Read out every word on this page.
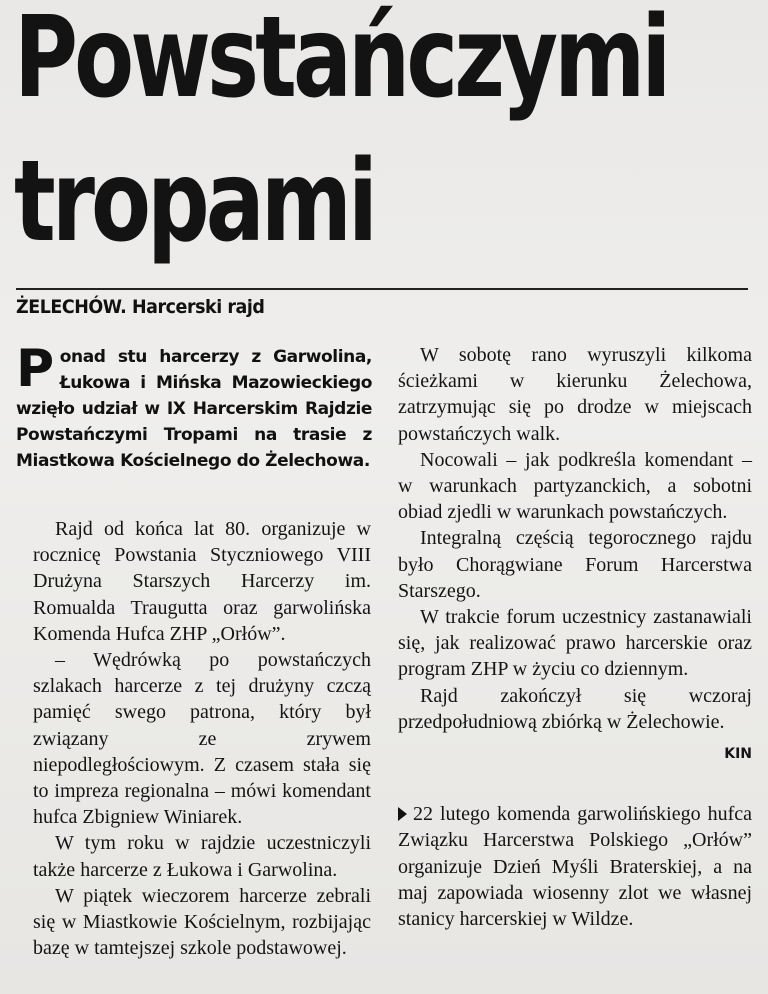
Powstańczymi
tropami
ŻELECHÓW. Harcerski rajd
Ponad stu harcerzy z Garwolina, Łukowa i Mińska Mazowieckiego wzięło udział w IX Harcerskim Rajdzie Powstańczymi Tropami na trasie z Miastkowa Kościelnego do Żelechowa.

Rajd od końca lat 80. organizuje w rocznicę Powstania Styczniowego VIII Drużyna Starszych Harcerzy im. Romualda Traugutta oraz garwolińska Komenda Hufca ZHP „Orłów”.

– Wędrówką po powstańczych szlakach harcerze z tej drużyny czczą pamięć swego patrona, który był związany ze zrywem niepodległościowym. Z czasem stała się to impreza regionalna – mówi komendant hufca Zbigniew Winiarek.

W tym roku w rajdzie uczestniczyli także harcerze z Łukowa i Garwolina.

W piątek wieczorem harcerze zebrali się w Miastkowie Kościelnym, rozbijając bazę w tamtejszej szkole podstawowej.

W sobotę rano wyruszyli kilkoma ścieżkami w kierunku Żelechowa, zatrzymując się po drodze w miejscach powstańczych walk.

Nocowali – jak podkreśla komendant – w warunkach partyzanckich, a sobotni obiad zjedli w warunkach powstańczych.

Integralną częścią tegorocznego rajdu było Chorągwiane Forum Harcerstwa Starszego.

W trakcie forum uczestnicy zastanawiali się, jak realizować prawo harcerskie oraz program ZHP w życiu co dziennym.

Rajd zakończył się wczoraj przedpołudniową zbiórką w Żelechowie.

KIN

22 lutego komenda garwolińskiego hufca Związku Harcerstwa Polskiego „Orłów” organizuje Dzień Myśli Braterskiej, a na maj zapowiada wiosenny zlot we własnej stanicy harcerskiej w Wildze.
